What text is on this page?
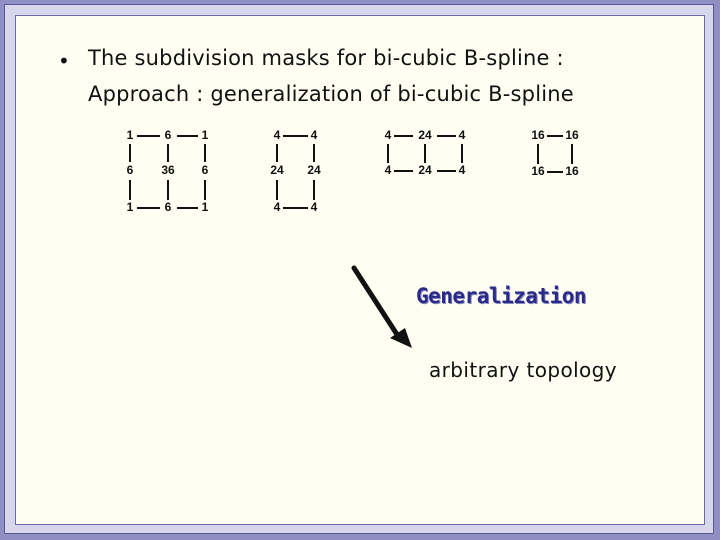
• The subdivision masks for bi-cubic B-spline :
Approach : generalization of bi-cubic B-spline
1	6	1
6 36 6
1	6	1
4	4
24 24
4	4
4 24 4
4 24 4
16 16
16 16
Generalization
arbitrary topology
